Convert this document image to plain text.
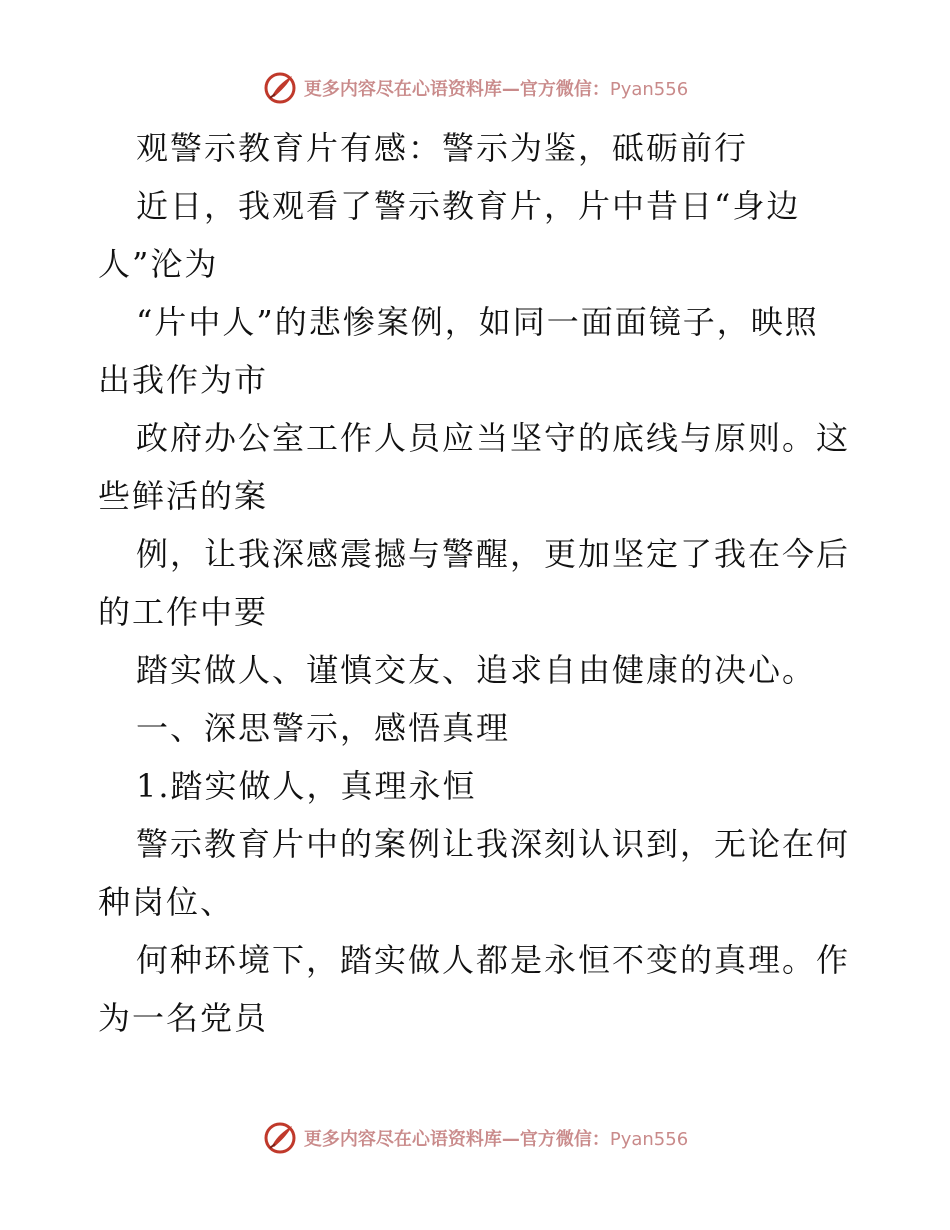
更多内容尽在心语资料库—官方微信：Pyan556
观警示教育片有感：警示为鉴，砥砺前行
近日，我观看了警示教育片，片中昔日“身边
人”沦为
“片中人”的悲惨案例，如同一面面镜子，映照
出我作为市
政府办公室工作人员应当坚守的底线与原则。这
些鲜活的案
例，让我深感震撼与警醒，更加坚定了我在今后
的工作中要
踏实做人、谨慎交友、追求自由健康的决心。
一、深思警示，感悟真理
1.踏实做人，真理永恒
警示教育片中的案例让我深刻认识到，无论在何
种岗位、
何种环境下，踏实做人都是永恒不变的真理。作
为一名党员
更多内容尽在心语资料库—官方微信：Pyan556
